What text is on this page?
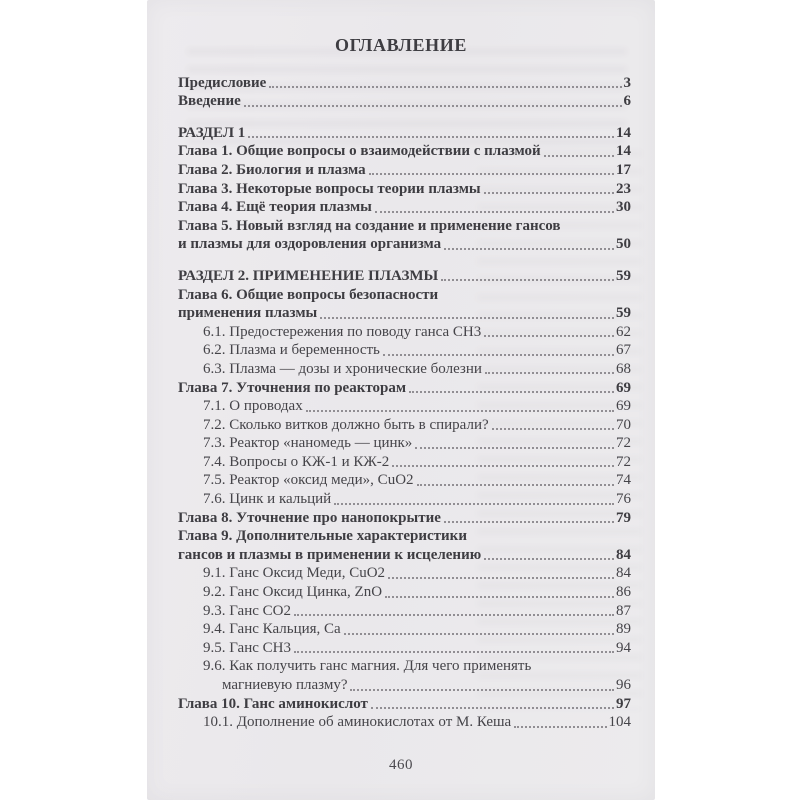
ОГЛАВЛЕНИЕ
Предисловие	3
Введение	6
РАЗДЕЛ 1	14
Глава 1. Общие вопросы о взаимодействии с плазмой	14
Глава 2. Биология и плазма	17
Глава 3. Некоторые вопросы теории плазмы	23
Глава 4. Ещё теория плазмы	30
Глава 5. Новый взгляд на создание и применение гансов
и плазмы для оздоровления организма	50
РАЗДЕЛ 2. ПРИМЕНЕНИЕ ПЛАЗМЫ	59
Глава 6. Общие вопросы безопасности
применения плазмы	59
6.1. Предостережения по поводу ганса CH3	62
6.2. Плазма и беременность	67
6.3. Плазма — дозы и хронические болезни	68
Глава 7. Уточнения по реакторам	69
7.1. О проводах	69
7.2. Сколько витков должно быть в спирали?	70
7.3. Реактор «наномедь — цинк»	72
7.4. Вопросы о КЖ-1 и КЖ-2	72
7.5. Реактор «оксид меди», CuO2	74
7.6. Цинк и кальций	76
Глава 8. Уточнение про нанопокрытие	79
Глава 9. Дополнительные характеристики
гансов и плазмы в применении к исцелению	84
9.1. Ганс Оксид Меди, CuO2	84
9.2. Ганс Оксид Цинка, ZnO	86
9.3. Ганс CO2	87
9.4. Ганс Кальция, Ca	89
9.5. Ганс CH3	94
9.6. Как получить ганс магния. Для чего применять
магниевую плазму?	96
Глава 10. Ганс аминокислот	97
10.1. Дополнение об аминокислотах от М. Кеша	104
460
